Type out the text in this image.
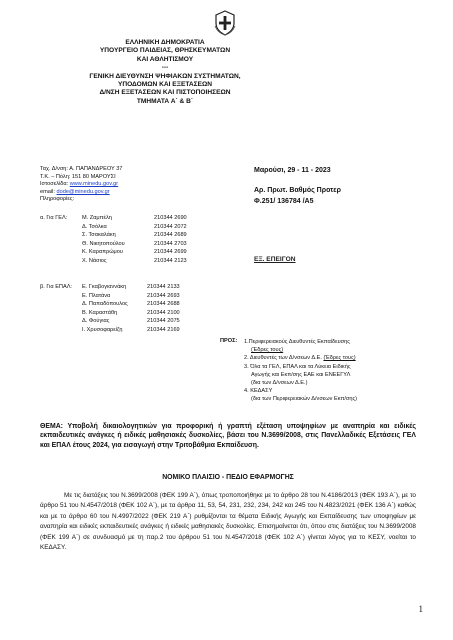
ΕΛΛΗΝΙΚΗ ΔΗΜΟΚΡΑΤΙΑ
ΥΠΟΥΡΓΕΙΟ ΠΑΙΔΕΙΑΣ, ΘΡΗΣΚΕΥΜΑΤΩΝ
ΚΑΙ ΑΘΛΗΤΙΣΜΟΥ
---
ΓΕΝΙΚΗ ΔΙΕΥΘΥΝΣΗ ΨΗΦΙΑΚΩΝ ΣΥΣΤΗΜΑΤΩΝ,
ΥΠΟΔΟΜΩΝ ΚΑΙ ΕΞΕΤΑΣΕΩΝ
Δ/ΝΣΗ ΕΞΕΤΑΣΕΩΝ ΚΑΙ ΠΙΣΤΟΠΟΙΗΣΕΩΝ
ΤΜΗΜΑΤΑ Α΄ & Β΄
Ταχ. Δ/νση: Α. ΠΑΠΑΝΔΡΕΟΥ 37
Τ.Κ. – Πόλη: 151 80 ΜΑΡΟΥΣΙ
Ιστοσελίδα: www.minedu.gov.gr
email: dode@minedu.gov.gr
Πληροφορίες:
Μαρούσι, 29 - 11 - 2023
Αρ. Πρωτ. Βαθμός Προτερ
Φ.251/ 136784 /Α5
ΕΞ. ΕΠΕΙΓΟΝ
α. Για ΓΕΛ:	Μ. Ζαμπέλη	210344 2690
Δ. Τσόλκα	210344 2072
Σ. Τσακαλάκη	210344 2689
Θ. Νικητοπούλου	210344 2703
Κ. Καραπρώμου	210344 2699
Χ. Νάσιος	210344 2123
β. Για ΕΠΑΛ: Ε. Γκαβογιαννάκη	210344 2133
Ε. Πλατάνα	210344 2693
Δ. Παπαδόπουλος	210344 2688
Β. Καραστάθη	210344 2100
Δ. Φούγιας	210344 2075
Ι. Χρυσοφαρείζη	210344 2169
ΠΡΟΣ: 1.Περιφερειακούς Διευθυντές Εκπαίδευσης
(Έδρες τους)
2. Διευθυντές των Δ/νσεων Δ.Ε. (Έδρες τους)
3. Όλα τα ΓΕΛ, ΕΠΑΛ και τα Λύκεια Ειδικής
Αγωγής και Εκπ/σης ΕΑΕ και ΕΝΕΕΓΥΛ
(δια των Δ/νσεων Δ.Ε.)
4. ΚΕΔΑΣΥ
(δια των Περιφερειακών Δ/νσεων Εκπ/σης)
ΘΕΜΑ: Υποβολή δικαιολογητικών για προφορική ή γραπτή εξέταση υποψηφίων με αναπηρία και ειδικές εκπαιδευτικές ανάγκες ή ειδικές μαθησιακές δυσκολίες, βάσει του Ν.3699/2008, στις Πανελλαδικές Εξετάσεις ΓΕΛ και ΕΠΑΛ έτους 2024, για εισαγωγή στην Τριτοβάθμια Εκπαίδευση.
ΝΟΜΙΚΟ ΠΛΑΙΣΙΟ - ΠΕΔΙΟ ΕΦΑΡΜΟΓΗΣ
Με τις διατάξεις του Ν.3699/2008 (ΦΕΚ 199 Α΄), όπως τροποποιήθηκε με το άρθρο 28 του Ν.4186/2013 (ΦΕΚ 193 Α΄), με το άρθρο 51 του Ν.4547/2018 (ΦΕΚ 102 Α΄), με τα άρθρα 11, 53, 54, 231, 232, 234, 242 και 245 του Ν.4823/2021 (ΦΕΚ 136 Α΄) καθώς και με το άρθρο 60 του Ν.4997/2022 (ΦΕΚ 219 Α΄) ρυθμίζονται τα θέματα Ειδικής Αγωγής και Εκπαίδευσης των υποψηφίων με αναπηρία και ειδικές εκπαιδευτικές ανάγκες ή ειδικές μαθησιακές δυσκολίες. Επισημαίνεται ότι, όπου στις διατάξεις του Ν.3699/2008 (ΦΕΚ 199 Α΄) σε συνδυασμό με τη παρ.2 του άρθρου 51 του Ν.4547/2018 (ΦΕΚ 102 Α΄) γίνεται λόγος για το ΚΕΣΥ, νοείται το ΚΕΔΑΣΥ.
1
